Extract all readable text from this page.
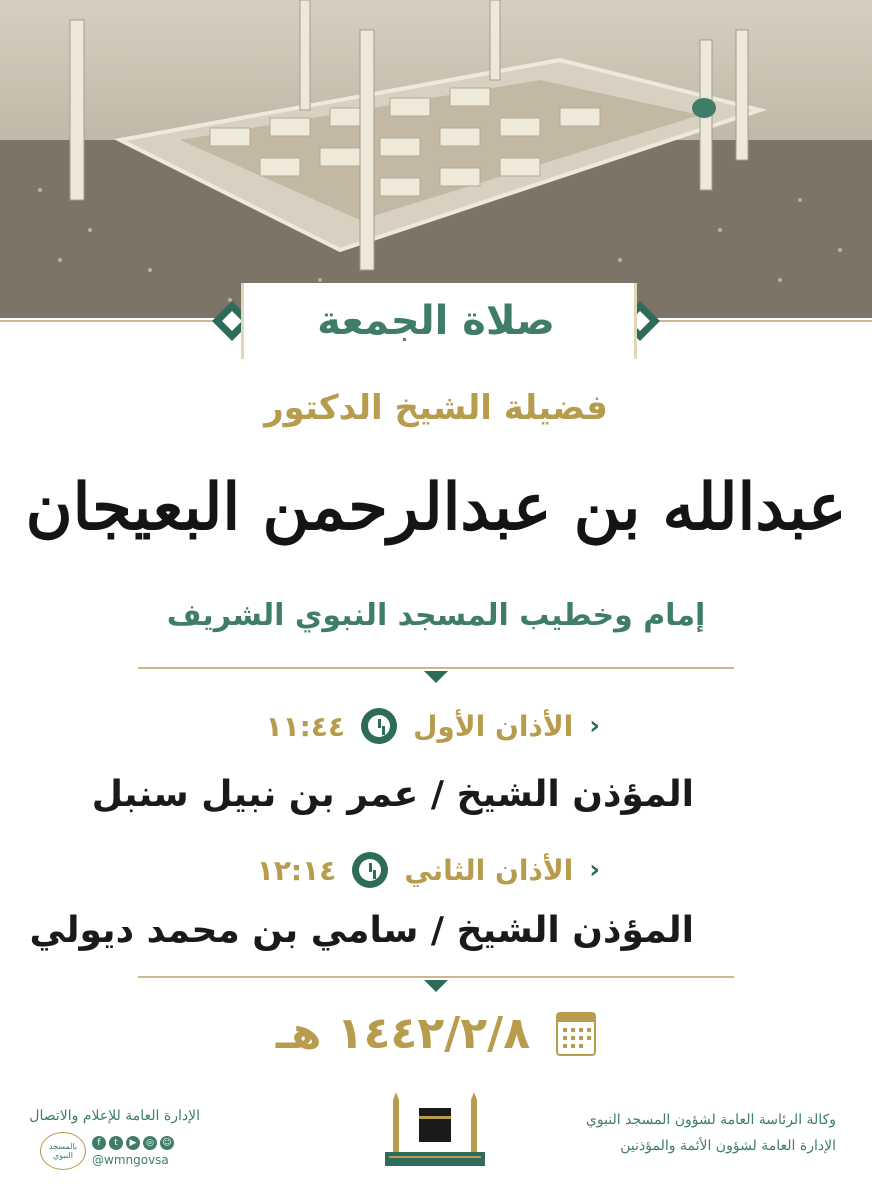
صلاة الجمعة
فضيلة الشيخ الدكتور
عبدالله بن عبدالرحمن البعيجان
إمام وخطيب المسجد النبوي الشريف
‹
الأذان الأول
١١:٤٤
المؤذن الشيخ / عمر بن نبيل سنبل
‹
الأذان الثاني
١٢:١٤
المؤذن الشيخ / سامي بن محمد ديولي
١٤٤٢/٢/٨ هـ
الإدارة العامة للإعلام والاتصال
بالمسجد النبوي
f	t	▶	◎ ☺
@wmngovsa
وكالة الرئاسة العامة لشؤون المسجد النبوي
الإدارة العامة لشؤون الأئمة والمؤذنين
